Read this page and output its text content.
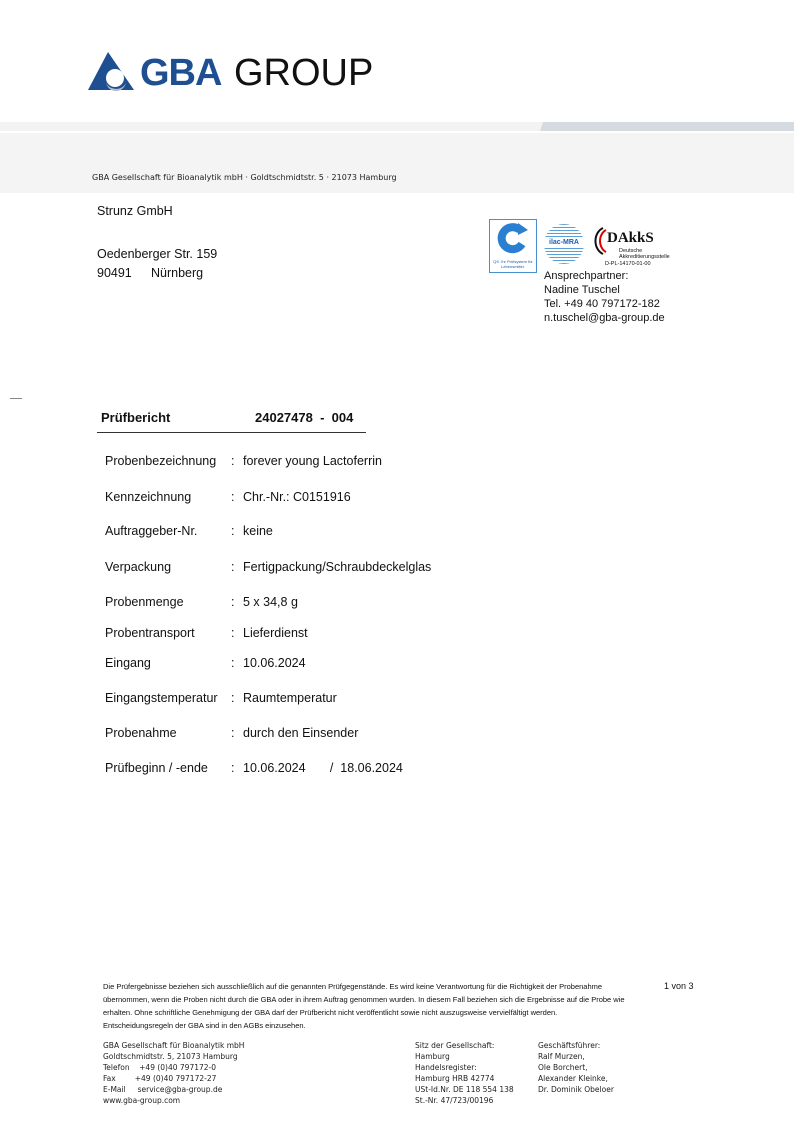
GBA GROUP
GBA Gesellschaft für Bioanalytik mbH · Goldtschmidtstr. 5 · 21073 Hamburg
Strunz GmbH
Oedenberger Str. 159
90491 Nürnberg
QS. Ihr Prüfsystem für Lebensmittel.
ilac-MRA	DAkkS
Deutsche
Akkreditierungsstelle
D-PL-14170-01-00
Ansprechpartner:
Nadine Tuschel
Tel. +49 40 797172-182
n.tuschel@gba-group.de
Prüfbericht	24027478  -  004
Probenbezeichnung	: forever young Lactoferrin
Kennzeichnung	: Chr.-Nr.: C0151916
Auftraggeber-Nr.	: keine
Verpackung	: Fertigpackung/Schraubdeckelglas
Probenmenge	: 5 x 34,8 g
Probentransport	: Lieferdienst
Eingang	: 10.06.2024
Eingangstemperatur	: Raumtemperatur
Probenahme	: durch den Einsender
Prüfbeginn / -ende	: 10.06.2024       /  18.06.2024
Die Prüfergebnisse beziehen sich ausschließlich auf die genannten Prüfgegenstände. Es wird keine Verantwortung für die Richtigkeit der Probenahme
übernommen, wenn die Proben nicht durch die GBA oder in ihrem Auftrag genommen wurden. In diesem Fall beziehen sich die Ergebnisse auf die Probe wie
erhalten. Ohne schriftliche Genehmigung der GBA darf der Prüfbericht nicht veröffentlicht sowie nicht auszugsweise vervielfältigt werden.
Entscheidungsregeln der GBA sind in den AGBs einzusehen.
1 von 3
GBA Gesellschaft für Bioanalytik mbH
Goldtschmidtstr. 5, 21073 Hamburg
Telefon    +49 (0)40 797172-0
Fax        +49 (0)40 797172-27
E-Mail     service@gba-group.de
www.gba-group.com
Sitz der Gesellschaft:
Hamburg
Handelsregister:
Hamburg HRB 42774
USt-Id.Nr. DE 118 554 138
St.-Nr. 47/723/00196
Geschäftsführer:
Ralf Murzen,
Ole Borchert,
Alexander Kleinke,
Dr. Dominik Obeloer
